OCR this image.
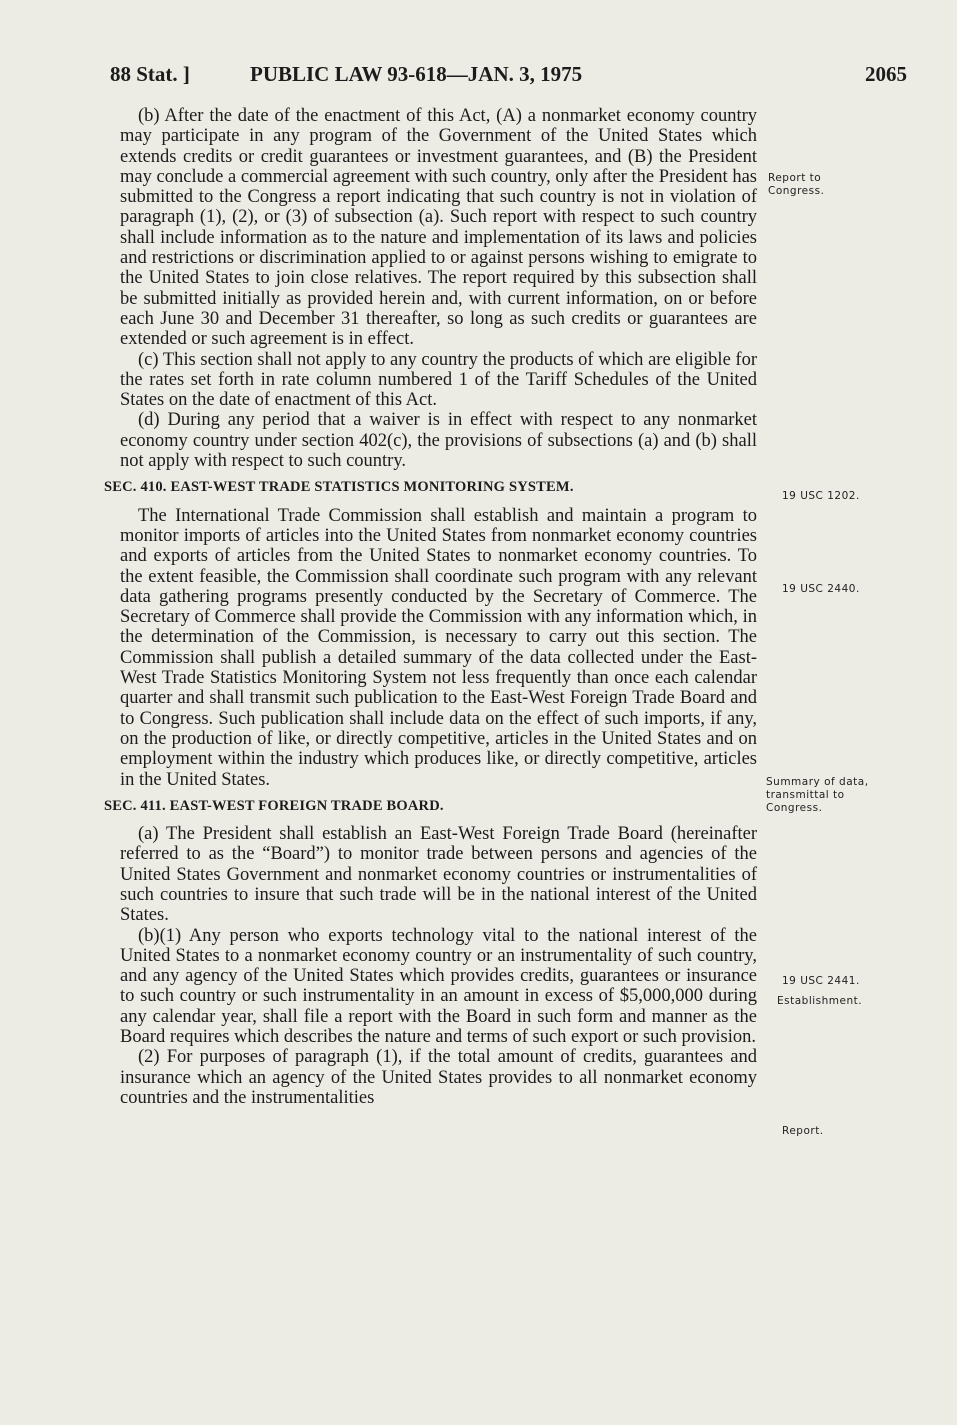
88 Stat. ]	PUBLIC LAW 93-618—JAN. 3, 1975	2065

(b) After the date of the enactment of this Act, (A) a nonmarket economy country may participate in any program of the Government of the United States which extends credits or credit guarantees or investment guarantees, and (B) the President may conclude a commercial agreement with such country, only after the President has submitted to the Congress a report indicating that such country is not in violation of paragraph (1), (2), or (3) of subsection (a). Such report with respect to such country shall include information as to the nature and implementation of its laws and policies and restrictions or discrimination applied to or against persons wishing to emigrate to the United States to join close relatives. The report required by this subsection shall be submitted initially as provided herein and, with current information, on or before each June 30 and December 31 thereafter, so long as such credits or guarantees are extended or such agreement is in effect.

(c) This section shall not apply to any country the products of which are eligible for the rates set forth in rate column numbered 1 of the Tariff Schedules of the United States on the date of enactment of this Act.

(d) During any period that a waiver is in effect with respect to any nonmarket economy country under section 402(c), the provisions of subsections (a) and (b) shall not apply with respect to such country.

SEC. 410. EAST-WEST TRADE STATISTICS MONITORING SYSTEM.

The International Trade Commission shall establish and maintain a program to monitor imports of articles into the United States from nonmarket economy countries and exports of articles from the United States to nonmarket economy countries. To the extent feasible, the Commission shall coordinate such program with any relevant data gathering programs presently conducted by the Secretary of Commerce. The Secretary of Commerce shall provide the Commission with any information which, in the determination of the Commission, is necessary to carry out this section. The Commission shall publish a detailed summary of the data collected under the East-West Trade Statistics Monitoring System not less frequently than once each calendar quarter and shall transmit such publication to the East-West Foreign Trade Board and to Congress. Such publication shall include data on the effect of such imports, if any, on the production of like, or directly competitive, articles in the United States and on employment within the industry which produces like, or directly competitive, articles in the United States.

SEC. 411. EAST-WEST FOREIGN TRADE BOARD.

(a) The President shall establish an East-West Foreign Trade Board (hereinafter referred to as the “Board”) to monitor trade between persons and agencies of the United States Government and nonmarket economy countries or instrumentalities of such countries to insure that such trade will be in the national interest of the United States.

(b)(1) Any person who exports technology vital to the national interest of the United States to a nonmarket economy country or an instrumentality of such country, and any agency of the United States which provides credits, guarantees or insurance to such country or such instrumentality in an amount in excess of $5,000,000 during any calendar year, shall file a report with the Board in such form and manner as the Board requires which describes the nature and terms of such export or such provision.

(2) For purposes of paragraph (1), if the total amount of credits, guarantees and insurance which an agency of the United States provides to all nonmarket economy countries and the instrumentalities

Report to Congress.
19 USC 1202.
19 USC 2440.
Summary of data, transmittal to Congress.
19 USC 2441.
Establishment.
Report.
